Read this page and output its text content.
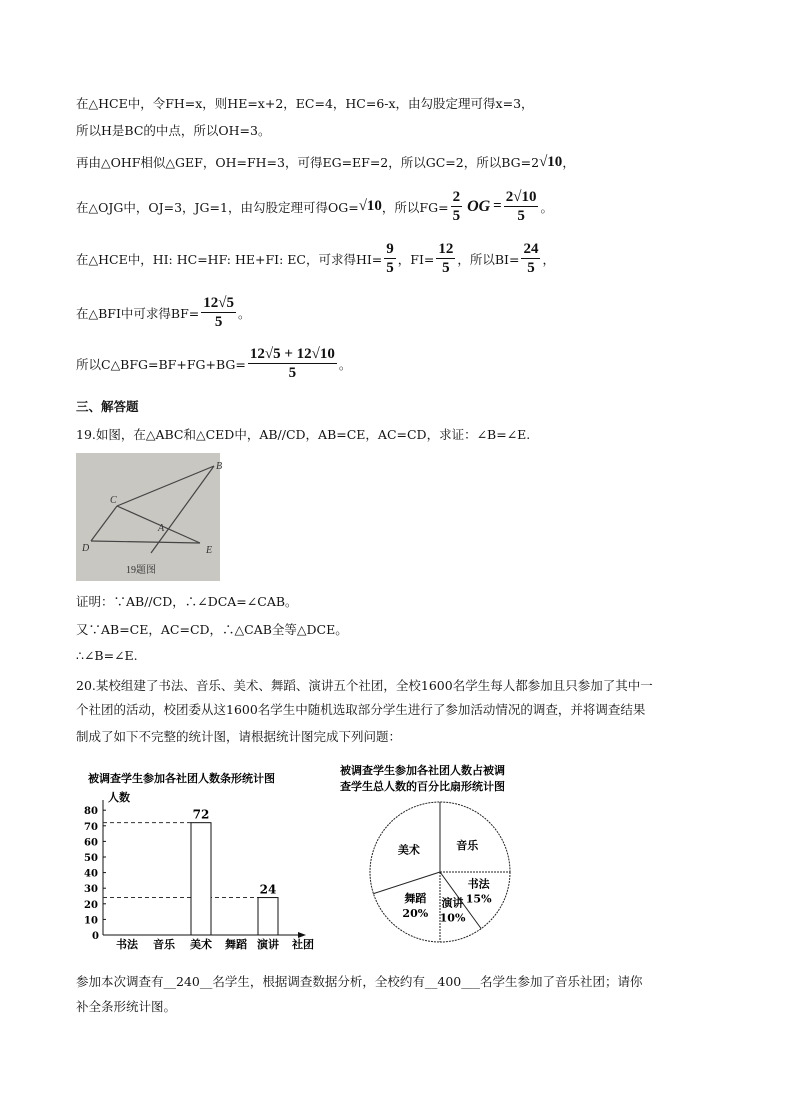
在△HCE中，令FH=x，则HE=x+2，EC=4，HC=6-x，由勾股定理可得x=3，
所以H是BC的中点，所以OH=3。
再由△OHF相似△GEF，OH=FH=3，可得EG=EF=2，所以GC=2，所以BG=2 √10 ，
在△OJG中，OJ=3，JG=1，由勾股定理可得OG= √10 ，所以$FG= \frac{2}{5}$ OG = $\frac{2√10}{5}$ 。
在△HCE中，HI: HC=HF: HE+FI: EC，可求得$HI= \frac{9}{5}$ ，$FI= \frac{12}{5}$ ，所以$BI= \frac{24}{5}$ ，
在△BFI中可求得$BF= \frac{12√5}{5}$ 。
所以C△BFG=BF+FG+BG= $\frac{12√5 + 12√10}{5}$ 。
三、解答题
19.如图，在△ABC和△CED中，AB//CD，AB=CE，AC=CD，求证：∠B=∠E.
B
C
A
D	E
19题图
证明：∵AB//CD，∴∠DCA=∠CAB。
又∵AB=CE，AC=CD，∴△CAB全等△DCE。
∴∠B=∠E.
20.某校组建了书法、音乐、美术、舞蹈、演讲五个社团，全校1600名学生每人都参加且只参加了其中一
个社团的活动，校团委从这1600名学生中随机选取部分学生进行了参加活动情况的调查，并将调查结果
制成了如下不完整的统计图，请根据统计图完成下列问题：
被调查学生参加各社团人数条形统计图
人数
0
10
20
30
40
50
60
70
80
书法 音乐 美术
72
舞蹈 演讲
24
社团
被调查学生参加各社团人数占被调
查学生总人数的百分比扇形统计图
音乐
书法
15%
演讲
10%
舞蹈
20%
美术
参加本次调查有 __240__ 名学生，根据调查数据分析，全校约有 __400___ 名学生参加了音乐社团；请你
补全条形统计图。
